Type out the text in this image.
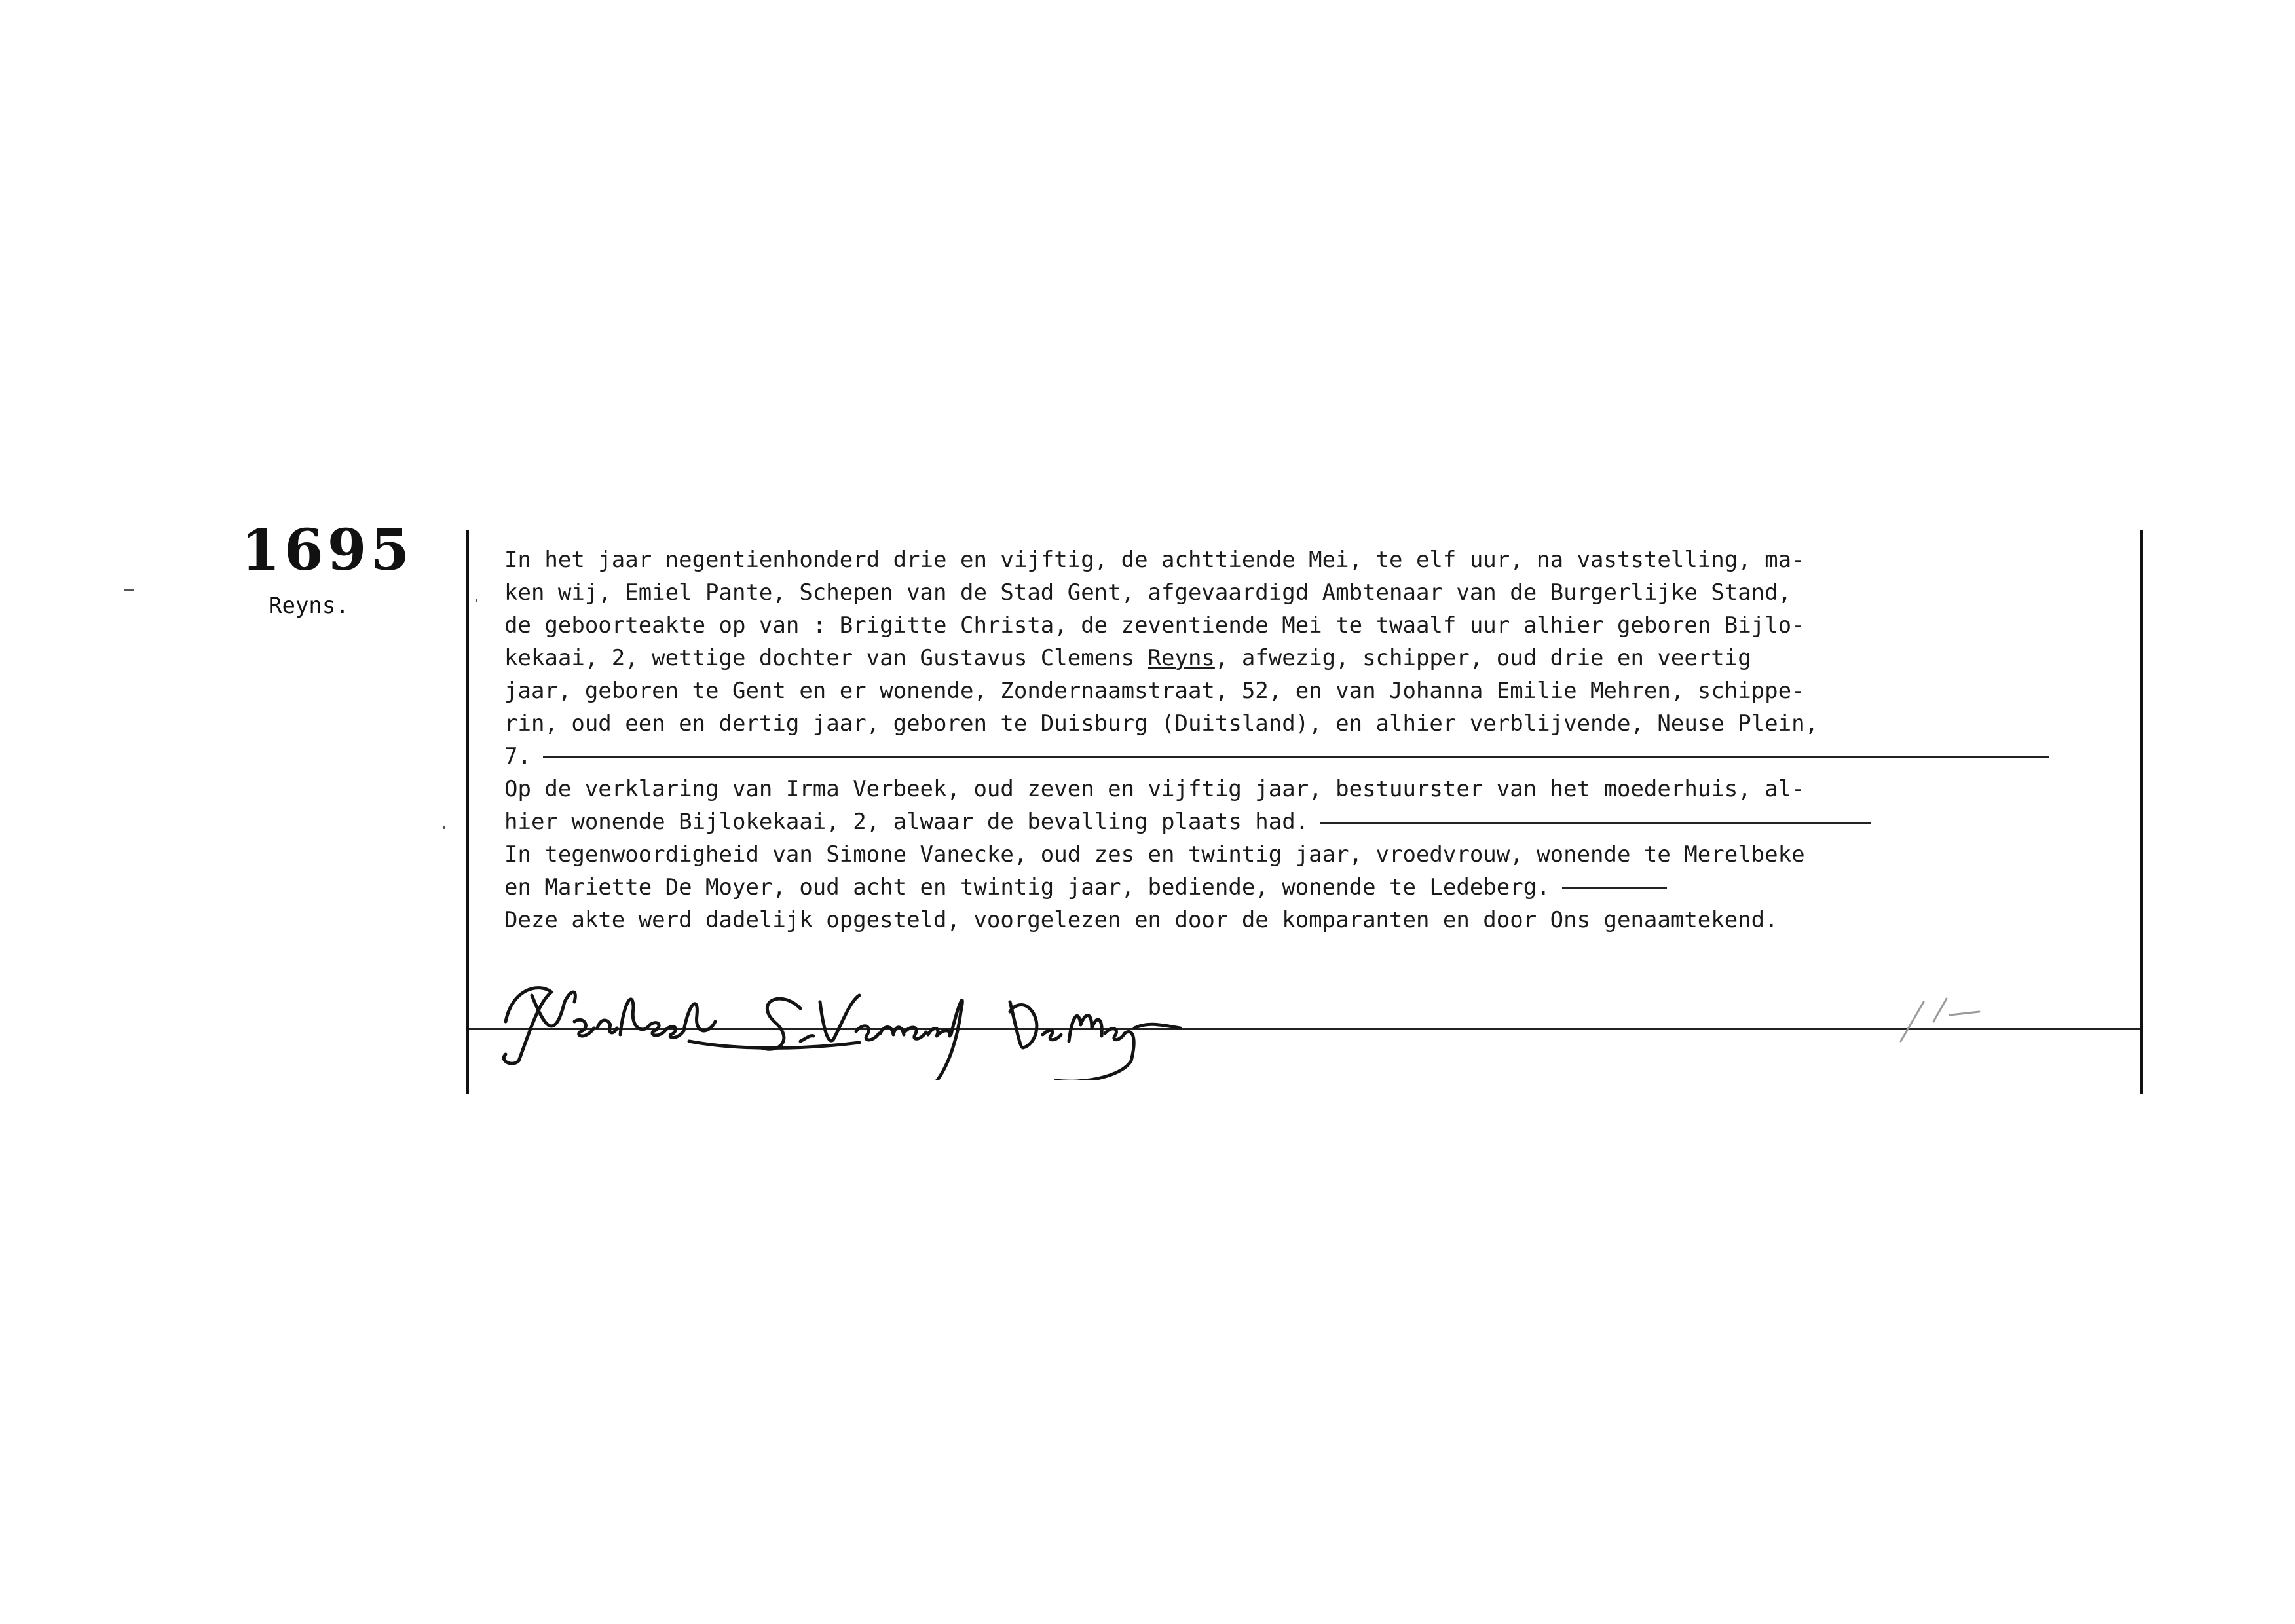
1695
Reyns.
In het jaar negentienhonderd drie en vijftig, de achttiende Mei, te elf uur, na vaststelling, ma-
ken wij, Emiel Pante, Schepen van de Stad Gent, afgevaardigd Ambtenaar van de Burgerlijke Stand,
de geboorteakte op van : Brigitte Christa, de zeventiende Mei te twaalf uur alhier geboren Bijlo-
kekaai, 2, wettige dochter van Gustavus Clemens Reyns, afwezig, schipper, oud drie en veertig
jaar, geboren te Gent en er wonende, Zondernaamstraat, 52, en van Johanna Emilie Mehren, schippe-
rin, oud een en dertig jaar, geboren te Duisburg (Duitsland), en alhier verblijvende, Neuse Plein,
7.
Op de verklaring van Irma Verbeek, oud zeven en vijftig jaar, bestuurster van het moederhuis, al-
hier wonende Bijlokekaai, 2, alwaar de bevalling plaats had.
In tegenwoordigheid van Simone Vanecke, oud zes en twintig jaar, vroedvrouw, wonende te Merelbeke
en Mariette De Moyer, oud acht en twintig jaar, bediende, wonende te Ledeberg.
Deze akte werd dadelijk opgesteld, voorgelezen en door de komparanten en door Ons genaamtekend.
